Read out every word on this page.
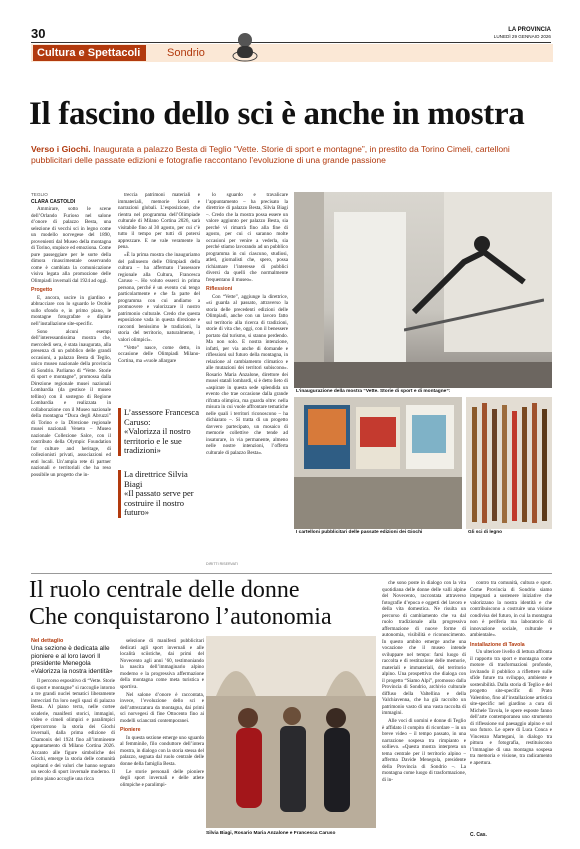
30	LA PROVINCIA
LUNEDÌ 29 GENNAIO 2026
Cultura e Spettacoli	Sondrio
Il fascino dello sci è anche in mostra
Verso i Giochi. Inaugurata a palazzo Besta di Teglio “Vette. Storie di sport e montagne”, in prestito da Torino Cimeli, cartelloni pubblicitari delle passate edizioni e fotografie raccontano l’evoluzione di una grande passione
TEGLIO
CLARA CASTOLDI

Ammirare, sotto le scene dell’Orlando Furioso nel salone d’onore di palazzo Besta, una selezione di vecchi sci in legno come un modello norvegese del 1890, provenienti dal Museo della montagna di Torino, stupisce ed emoziona. Come pure passeggiare per le sorte della dimora rinascimentale osservando come è cambiata la comunicazione visiva legata alla promozione delle Olimpiadi invernali dal 1924 ad oggi.

Progetto

E, ancora, uscire in giardino e abbracciare con lo sguardo le Orobie sullo sfondo e, in primo piano, le montagne fotografate e dipinte nell’installazione site-specific.

Sono alcuni esempi dell’interessantissima mostra che, mercoledì sera, è stata inaugurata, alla presenza di un pubblico delle grandi occasioni, a palazzo Besta di Teglio, unico museo nazionale della provincia di Sondrio. Parliamo di “Vette. Storie di sport e montagne”, promossa dalla Direzione regionale musei nazionali Lombardia (da gestisce il museo tellino) con il sostegno di Regione Lombardia e realizzata in collaborazione con il Museo nazionale della montagna “Duca degli Abruzzi” di Torino e la Direzione regionale musei nazionali Veneto – Museo nazionale Collezione Salce, con il contributo della Olympic Foundation for culture and heritage, di collezionisti privati, associazioni ed enti locali. Un’ampia rete di partner nazionali e territoriali che ha reso possibile un progetto che in-

treccia patrimoni materiali e immateriali, memorie locali e narrazioni globali. L’esposizione, che rientra nel programma dell’Olimpiade culturale di Milano Cortina 2026, sarà visitabile fino al 30 agosto, per cui c’è tutto il tempo per tutti di potersi apprezzare. E ne vale veramente la pena.

«È la prima mostra che inauguriamo del palinsesto delle Olimpiadi della cultura – ha affermato l’assessore regionale alla Cultura, Francesca Caruso –. Ho voluto esserci in prima persona, perché è un evento cui tengo particolarmente e che fa parte del programma con cui andiamo a promuovere e valorizzare il nostro patrimonio culturale. Credo che questa esposizione vada in questa direzione e racconti benissimo le tradizioni, la storia del territorio, naturalmente, i valori olimpici».

“Vette” nasce, come detto, in occasione delle Olimpiadi Milano-Cortina, ma «vuole allargare

L’assessore Francesca Caruso:
«Valorizza il nostro territorio e le sue tradizioni»
La direttrice Silvia Biagi
«Il passato serve per costruire il nostro futuro»

lo sguardo e travalicare l’appuntamento – ha precisato la direttrice di palazzo Besta, Silvia Biagi –. Credo che la mostra possa essere un valore aggiunto per palazzo Besta, sia perché vi rimarrà fino alla fine di agosto, per cui ci saranno molte occasioni per venire a vederla, sia perché stiamo lavorando ad un pubblico programma in cui ciascuno, studiosi, atleti, giornalisti che, spero, possa richiamare l’interesse di pubblici diversi da quelli che normalmente frequentano il museo».

Riflessioni

Con “Vette”, aggiunge la direttrice, «si guarda al passato, attraverso la storia delle precedenti edizioni delle Olimpiadi, anche con un lavoro fatto sul territorio alla ricerca di tradizioni, storie di vita che, oggi, con il benessere portato dal turismo, si stanno perdendo. Ma non solo. E nostra intenzione, infatti, per via anche di domande e riflessioni sul futuro della montagna, in relazione al cambiamento climatico e alle mutazioni dei territori subiscono». Rosario Maria Anzalone, direttore dei musei statali lombardi, si è detto lieto di «aspirare in questa sede splendida un evento che trae occasione dalla grande rifratta olimpica, ma guarda oltre: nella misura in cui vuole affrontare tematiche nelle quali i territori riconoscono – ha dichiarato –. Si tratta di un progetto davvero partecipato, un mosaico di memorie collettive che tende ad insaturare, in via permanente, almeno nelle nostre intenzioni, l’offerta culturale di palazzo Besta».

L’inaugurazione della mostra “Vette. Storie di sport e di montagne”:
I cartelloni pubblicitari delle passate edizioni dei Giochi	Gli sci di legno
DIRITTI RISERVATI
Il ruolo centrale delle donne
Che conquistarono l’autonomia
Nel dettaglio
Una sezione è dedicata alle pioniere e al loro lavori Il presidente Menegola «Valorizza la nostra identità»

Il percorso espositivo di “Vette. Storie di sport e montagne” si raccoglie intorno a tre grandi nuclei tematici liberamente intrecciati fra loro negli spazi di palazzo Besta. Al piano terra, nelle cortee scuderie, manifesti storici, immagini, video e cimeli olimpici e paralimpici ripercorrono la storia dei Giochi invernali, dalla prima edizione di Chamonix del 1924 fino all’imminente appuntamento di Milano Cortina 2026. Accanto alle figure simboliche dei Giochi, emerge la storia delle comunità ospitanti e dei valori che hanno segnato un secolo di sport invernale moderno. Il primo piano accoglie una ricca

selezione di manifesti pubblicitari dedicati agli sport invernali e alle località sciistiche, dai primi del Novecento agli anni ’60, testimoniando la nascita dell’immaginario alpino moderno e la progressiva affermazione della montagna come meta turistica e sportiva.

Nel salone d’onore è raccontata, invece, l’evoluzione dello sci e dell’attrezzatura da montagna, dai primi sci norvegesi di fine Ottocento fino ai modelli sciancrati contemporanei.

Pioniere

In questa sezione emerge uno sguardo al femminile, filo conduttore dell’intera mostra, in dialogo con la storia stessa del palazzo, segnata dal ruolo centrale delle donne della famiglia Besta.

Le storie personali delle pioniere degli sport invernali e delle atlete olimpiche e paralimpi-

Silvia Biagi, Rosario Maria Anzalone e Francesca Caruso

che sono poste in dialogo con la vita quotidiana delle donne delle valli alpine del Novecento, raccontata attraverso fotografie d’epoca e oggetti del lavoro e della vita domestica. Ne risulta un percorso di cambiamento che va dal ruolo tradizionale alla progressiva affermazione di nuove forme di autonomia, visibilità e riconoscimento. In questo ambito emerge anche una vocazione che il museo intende sviluppare nel tempo: farsi luogo di raccolta e di restituzione delle memorie, materiali e immateriali, del territorio alpino. Una prospettiva che dialoga con il progetto “Siamo Alpi”, promosso dalla Provincia di Sondrio, archivio culturale diffuso della Valtellina e della Valchiavenna, che ha già raccolto un patrimonio vasto di una vasta raccolta di immagini.

Alle voci di uomini e donne di Teglio è affidato il compito di ricordare – in un breve video – il tempo passato, in una narrazione sospesa tra rimpianto e sollievo. «Questa mostra interpreta un tema centrale per il territorio alpino – afferma Davide Menegola, presidente della Provincia di Sondrio –. La montagna come luogo di trasformazione, di in-

contro tra comunità, cultura e sport. Come Provincia di Sondrio siamo impegnati a sostenere iniziative che valorizzano la nostra identità e che contribuiscono a costruire una visione condivisa del futuro, in cui la montagna non è periferia ma laboratorio di innovazione sociale, culturale e ambientale».

Installazione di Tavola

Un ulteriore livello di lettura affronta il rapporto tra sport e montagna come motore di trasformazioni profonde, invitando il pubblico a riflettere sulle sfide future tra sviluppo, ambiente e sostenibilità. Dalla storia di Teglio e del progetto site-specific di Prato Valentino, fino all’installazione artistica site-specific nel giardino a cura di Michele Tavola, le opere esposte fanno dell’arte contemporanea uno strumento di riflessione sul paesaggio alpino e sul suo futuro. Le opere di Luca Conca e Vincenzo Martegani, in dialogo tra pittura e fotografia, restituiscono l’immagine di una montagna sospesa tra memoria e visione, tra radicamento e apertura.

C. Cas.
